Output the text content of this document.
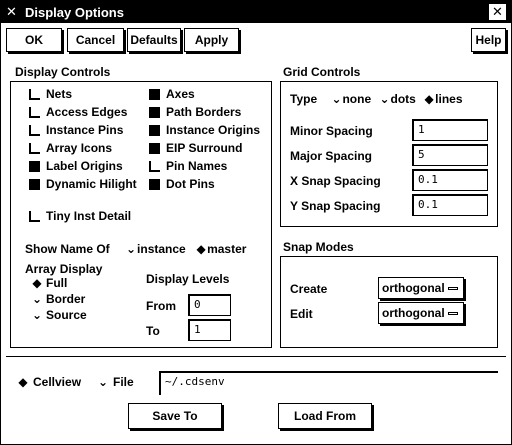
✕ Display Options	✕
OK	Cancel	Defaults	Apply	Help
Display Controls
Nets
Access Edges
Instance Pins
Array Icons
Label Origins
Dynamic Hilight
Axes
Path Borders
Instance Origins
EIP Surround
Pin Names
Dot Pins
Tiny Inst Detail
Show Name Of ⌄instance ◆master
Array Display
◆ Full
⌄ Border
⌄ Source
Display Levels
From	0
To	1
Grid Controls
Type ⌄none ⌄dots ◆lines
Minor Spacing	1
Major Spacing	5
X Snap Spacing	0.1
Y Snap Spacing	0.1
Snap Modes
Create	orthogonal
Edit	orthogonal
◆ Cellview ⌄ File	~/.cdsenv
Save To	Load From
